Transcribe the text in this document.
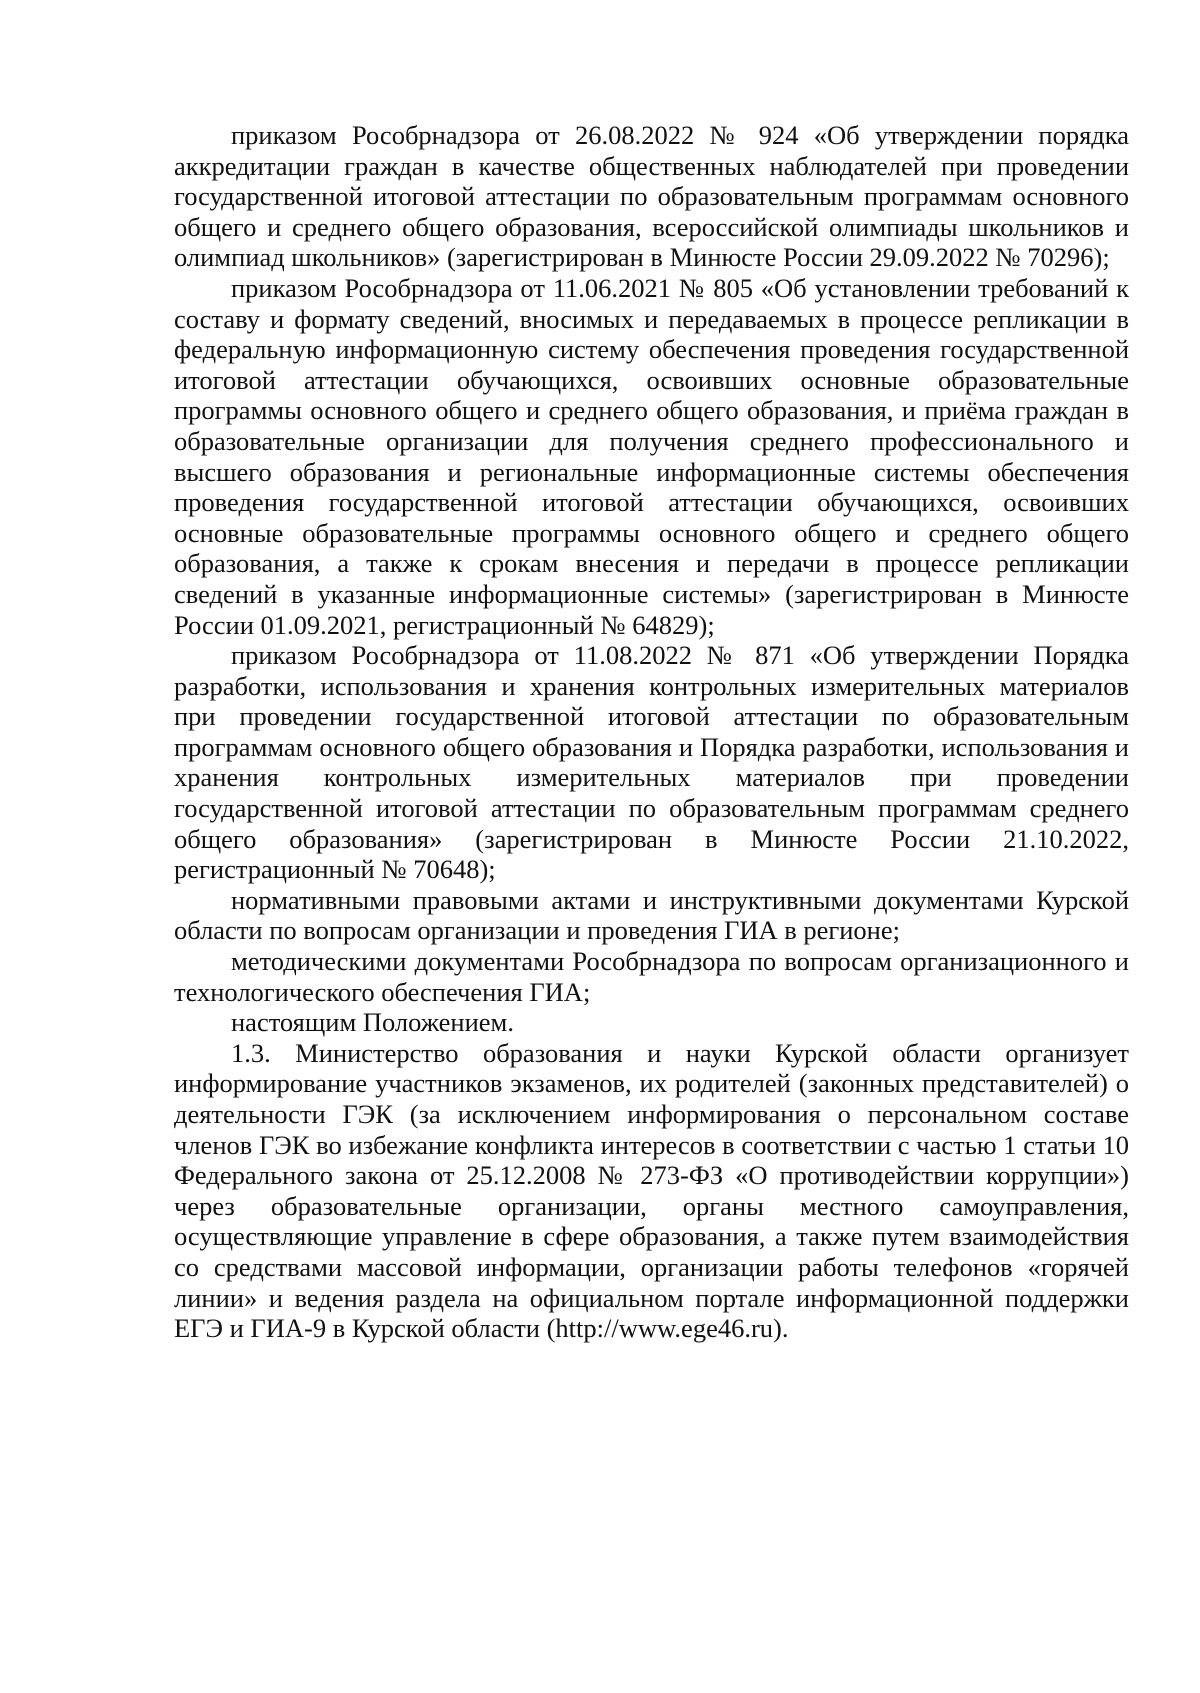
приказом Рособрнадзора от 26.08.2022 № 924 «Об утверждении порядка аккредитации граждан в качестве общественных наблюдателей при проведении государственной итоговой аттестации по образовательным программам основного общего и среднего общего образования, всероссийской олимпиады школьников и олимпиад школьников» (зарегистрирован в Минюсте России 29.09.2022 № 70296);

приказом Рособрнадзора от 11.06.2021 № 805 «Об установлении требований к составу и формату сведений, вносимых и передаваемых в процессе репликации в федеральную информационную систему обеспечения проведения государственной итоговой аттестации обучающихся, освоивших основные образовательные программы основного общего и среднего общего образования, и приёма граждан в образовательные организации для получения среднего профессионального и высшего образования и региональные информационные системы обеспечения проведения государственной итоговой аттестации обучающихся, освоивших основные образовательные программы основного общего и среднего общего образования, а также к срокам внесения и передачи в процессе репликации сведений в указанные информационные системы» (зарегистрирован в Минюсте России 01.09.2021, регистрационный № 64829);

приказом Рособрнадзора от 11.08.2022 № 871 «Об утверждении Порядка разработки, использования и хранения контрольных измерительных материалов при проведении государственной итоговой аттестации по образовательным программам основного общего образования и Порядка разработки, использования и хранения контрольных измерительных материалов при проведении государственной итоговой аттестации по образовательным программам среднего общего образования» (зарегистрирован в Минюсте России 21.10.2022, регистрационный № 70648);

нормативными правовыми актами и инструктивными документами Курской области по вопросам организации и проведения ГИА в регионе;

методическими документами Рособрнадзора по вопросам организационного и технологического обеспечения ГИА;

настоящим Положением.

1.3. Министерство образования и науки Курской области организует информирование участников экзаменов, их родителей (законных представителей) о деятельности ГЭК (за исключением информирования о персональном составе членов ГЭК во избежание конфликта интересов в соответствии с частью 1 статьи 10 Федерального закона от 25.12.2008 № 273-ФЗ «О противодействии коррупции») через образовательные организации, органы местного самоуправления, осуществляющие управление в сфере образования, а также путем взаимодействия со средствами массовой информации, организации работы телефонов «горячей линии» и ведения раздела на официальном портале информационной поддержки ЕГЭ и ГИА-9 в Курской области (http://www.ege46.ru).
